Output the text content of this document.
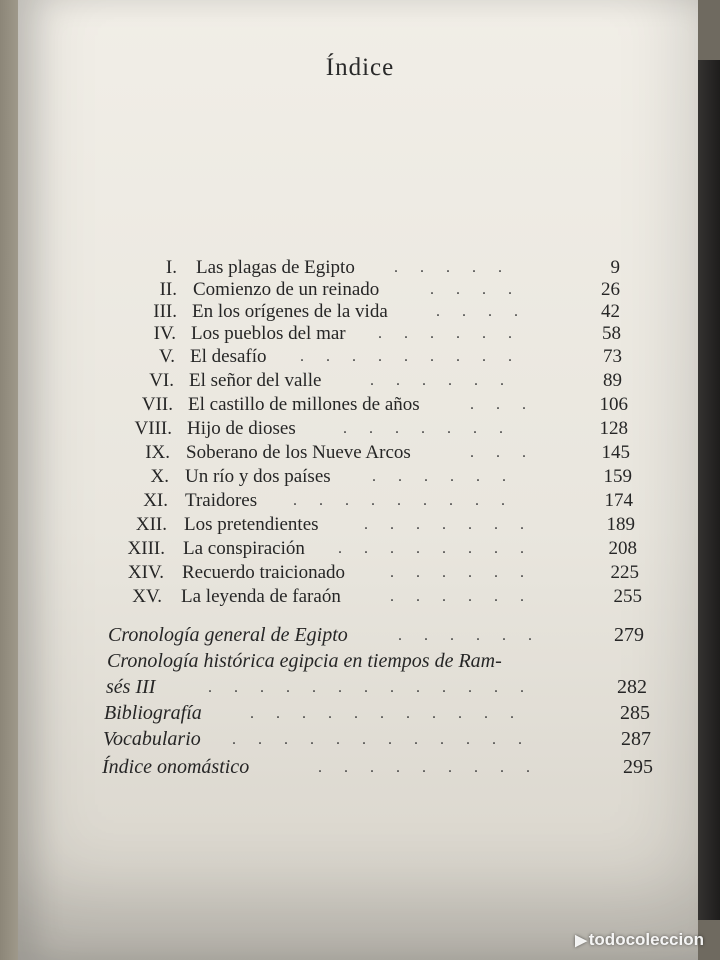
Índice
I. Las plagas de Egipto .....	9
II. Comienzo de un reinado	....	26
III. En los orígenes de la vida	....	42
IV. Los pueblos del mar ......	58
V. El desafío .........	73
VI. El señor del valle	......	89
VII. El castillo de millones de años	...	106
VIII. Hijo de dioses	.......	128
IX. Soberano de los Nueve Arcos	...	145
X. Un río y dos países	......	159
XI. Traidores .........	174
XII. Los pretendientes	.......	189
XIII. La conspiración ........	208
XIV. Recuerdo traicionado	......	225
XV. La leyenda de faraón	......	255
Cronología general de Egipto	......	279
Cronología histórica egipcia en tiempos de Ram-
sés III	.............	282
Bibliografía	...........	285
Vocabulario ............	287
Índice onomástico	.........	295
▶ todocoleccion
